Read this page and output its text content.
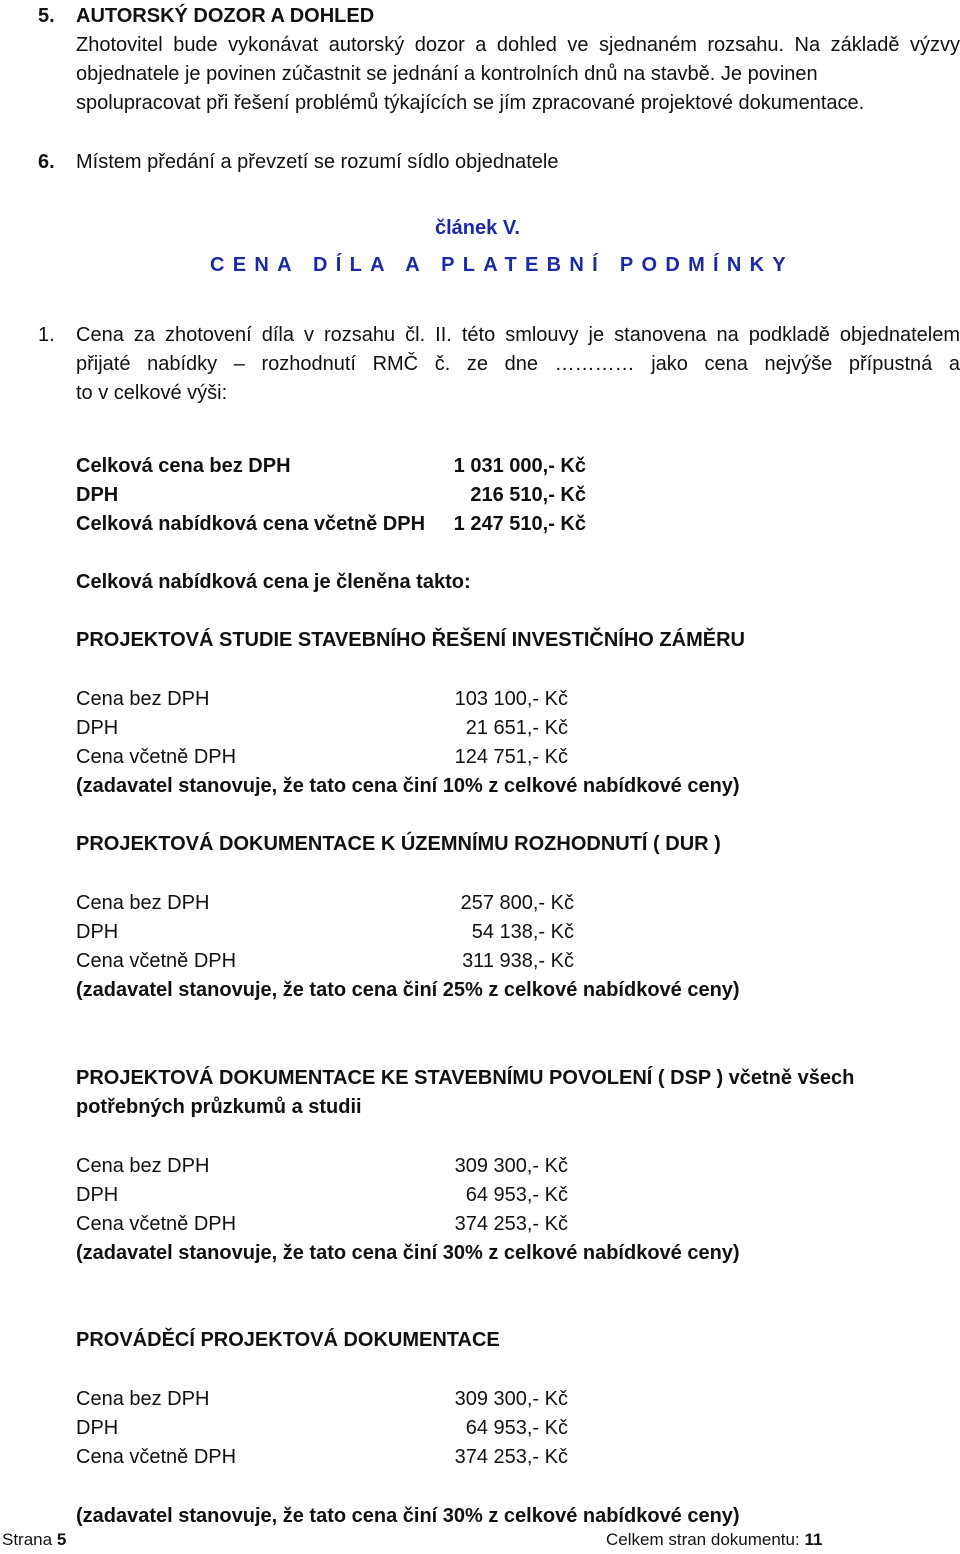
5. AUTORSKÝ DOZOR A DOHLED
Zhotovitel bude vykonávat autorský dozor a dohled ve sjednaném rozsahu. Na základě výzvy
objednatele je povinen zúčastnit se jednání a kontrolních dnů na stavbě. Je povinen
spolupracovat při řešení problémů týkajících se jím zpracované projektové dokumentace.
6. Místem předání a převzetí se rozumí sídlo objednatele
článek V.
CENA DÍLA A PLATEBNÍ PODMÍNKY
1. Cena za zhotovení díla v rozsahu čl. II. této smlouvy je stanovena na podkladě objednatelem
přijaté nabídky – rozhodnutí RMČ č. ze dne ………… jako cena nejvýše přípustná a
to v celkové výši:
Celková cena bez DPH	1 031 000,- Kč
DPH	216 510,- Kč
Celková nabídková cena včetně DPH 1 247 510,- Kč
Celková nabídková cena je členěna takto:
PROJEKTOVÁ STUDIE STAVEBNÍHO ŘEŠENÍ INVESTIČNÍHO ZÁMĚRU
Cena bez DPH	103 100,- Kč
DPH	21 651,- Kč
Cena včetně DPH	124 751,- Kč
(zadavatel stanovuje, že tato cena činí 10% z celkové nabídkové ceny)
PROJEKTOVÁ DOKUMENTACE K ÚZEMNÍMU ROZHODNUTÍ ( DUR )
Cena bez DPH	257 800,- Kč
DPH	54 138,- Kč
Cena včetně DPH	311 938,- Kč
(zadavatel stanovuje, že tato cena činí 25% z celkové nabídkové ceny)
PROJEKTOVÁ DOKUMENTACE KE STAVEBNÍMU POVOLENÍ ( DSP ) včetně všech
potřebných průzkumů a studii
Cena bez DPH	309 300,- Kč
DPH	64 953,- Kč
Cena včetně DPH	374 253,- Kč
(zadavatel stanovuje, že tato cena činí 30% z celkové nabídkové ceny)
PROVÁDĚCÍ PROJEKTOVÁ DOKUMENTACE
Cena bez DPH	309 300,- Kč
DPH	64 953,- Kč
Cena včetně DPH	374 253,- Kč
(zadavatel stanovuje, že tato cena činí 30% z celkové nabídkové ceny)
Strana 5	Celkem stran dokumentu: 11
